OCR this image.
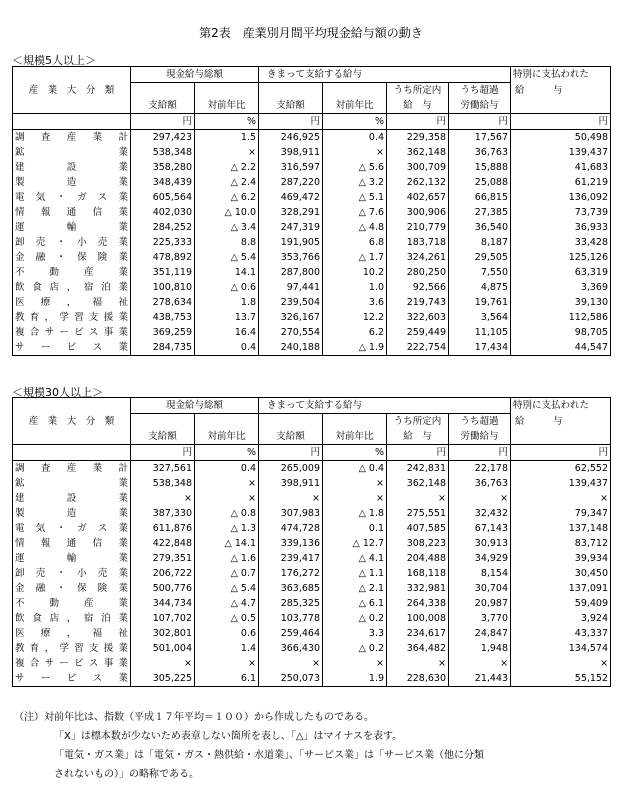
第2表　産業別月間平均現金給与額の動き
＜規模5人以上＞
産　業　大　分　類	現金給与総額		きまって支給する給与				特別に支払われた
	支給額	対前年比	支給額	対前年比	うち所定内	うち超過	給　　　与
					給　与	労働給与	
	円	%	円	%	円	円	円
調査産業計	297,423	1.5	246,925	0.4	229,358	17,567	50,498
鉱業	538,348	×	398,911	×	362,148	36,763	139,437
建設業	358,280	△ 2.2	316,597	△ 5.6	300,709	15,888	41,683
製造業	348,439	△ 2.4	287,220	△ 3.2	262,132	25,088	61,219
電気・ガス業	605,564	△ 6.2	469,472	△ 5.1	402,657	66,815	136,092
情報通信業	402,030	△ 10.0	328,291	△ 7.6	300,906	27,385	73,739
運輸業	284,252	△ 3.4	247,319	△ 4.8	210,779	36,540	36,933
卸売・小売業	225,333	8.8	191,905	6.8	183,718	8,187	33,428
金融・保険業	478,892	△ 5.4	353,766	△ 1.7	324,261	29,505	125,126
不動産業	351,119	14.1	287,800	10.2	280,250	7,550	63,319
飲食店，宿泊業	100,810	△ 0.6	97,441	1.0	92,566	4,875	3,369
医療，福祉	278,634	1.8	239,504	3.6	219,743	19,761	39,130
教育，学習支援業	438,753	13.7	326,167	12.2	322,603	3,564	112,586
複合サービス事業	369,259	16.4	270,554	6.2	259,449	11,105	98,705
サービス業	284,735	0.4	240,188	△ 1.9	222,754	17,434	44,547
＜規模30人以上＞
産　業　大　分　類	現金給与総額		きまって支給する給与				特別に支払われた
	支給額	対前年比	支給額	対前年比	うち所定内	うち超過	給　　　与
					給　与	労働給与	
	円	%	円	%	円	円	円
調査産業計	327,561	0.4	265,009	△ 0.4	242,831	22,178	62,552
鉱業	538,348	×	398,911	×	362,148	36,763	139,437
建設業	×	×	×	×	×	×	×
製造業	387,330	△ 0.8	307,983	△ 1.8	275,551	32,432	79,347
電気・ガス業	611,876	△ 1.3	474,728	0.1	407,585	67,143	137,148
情報通信業	422,848	△ 14.1	339,136	△ 12.7	308,223	30,913	83,712
運輸業	279,351	△ 1.6	239,417	△ 4.1	204,488	34,929	39,934
卸売・小売業	206,722	△ 0.7	176,272	△ 1.1	168,118	8,154	30,450
金融・保険業	500,776	△ 5.4	363,685	△ 2.1	332,981	30,704	137,091
不動産業	344,734	△ 4.7	285,325	△ 6.1	264,338	20,987	59,409
飲食店，宿泊業	107,702	△ 0.5	103,778	△ 0.2	100,008	3,770	3,924
医療，福祉	302,801	0.6	259,464	3.3	234,617	24,847	43,337
教育，学習支援業	501,004	1.4	366,430	△ 0.2	364,482	1,948	134,574
複合サービス事業	×	×	×	×	×	×	×
サービス業	305,225	6.1	250,073	1.9	228,630	21,443	55,152
（注）対前年比は、指数（平成１７年平均＝１００）から作成したものである。
「X」は標本数が少ないため表章しない箇所を表し、「△」はマイナスを表す。
「電気・ガス業」は「電気・ガス・熱供給・水道業」、「サービス業」は「サービス業（他に分類
されないもの）」の略称である。
